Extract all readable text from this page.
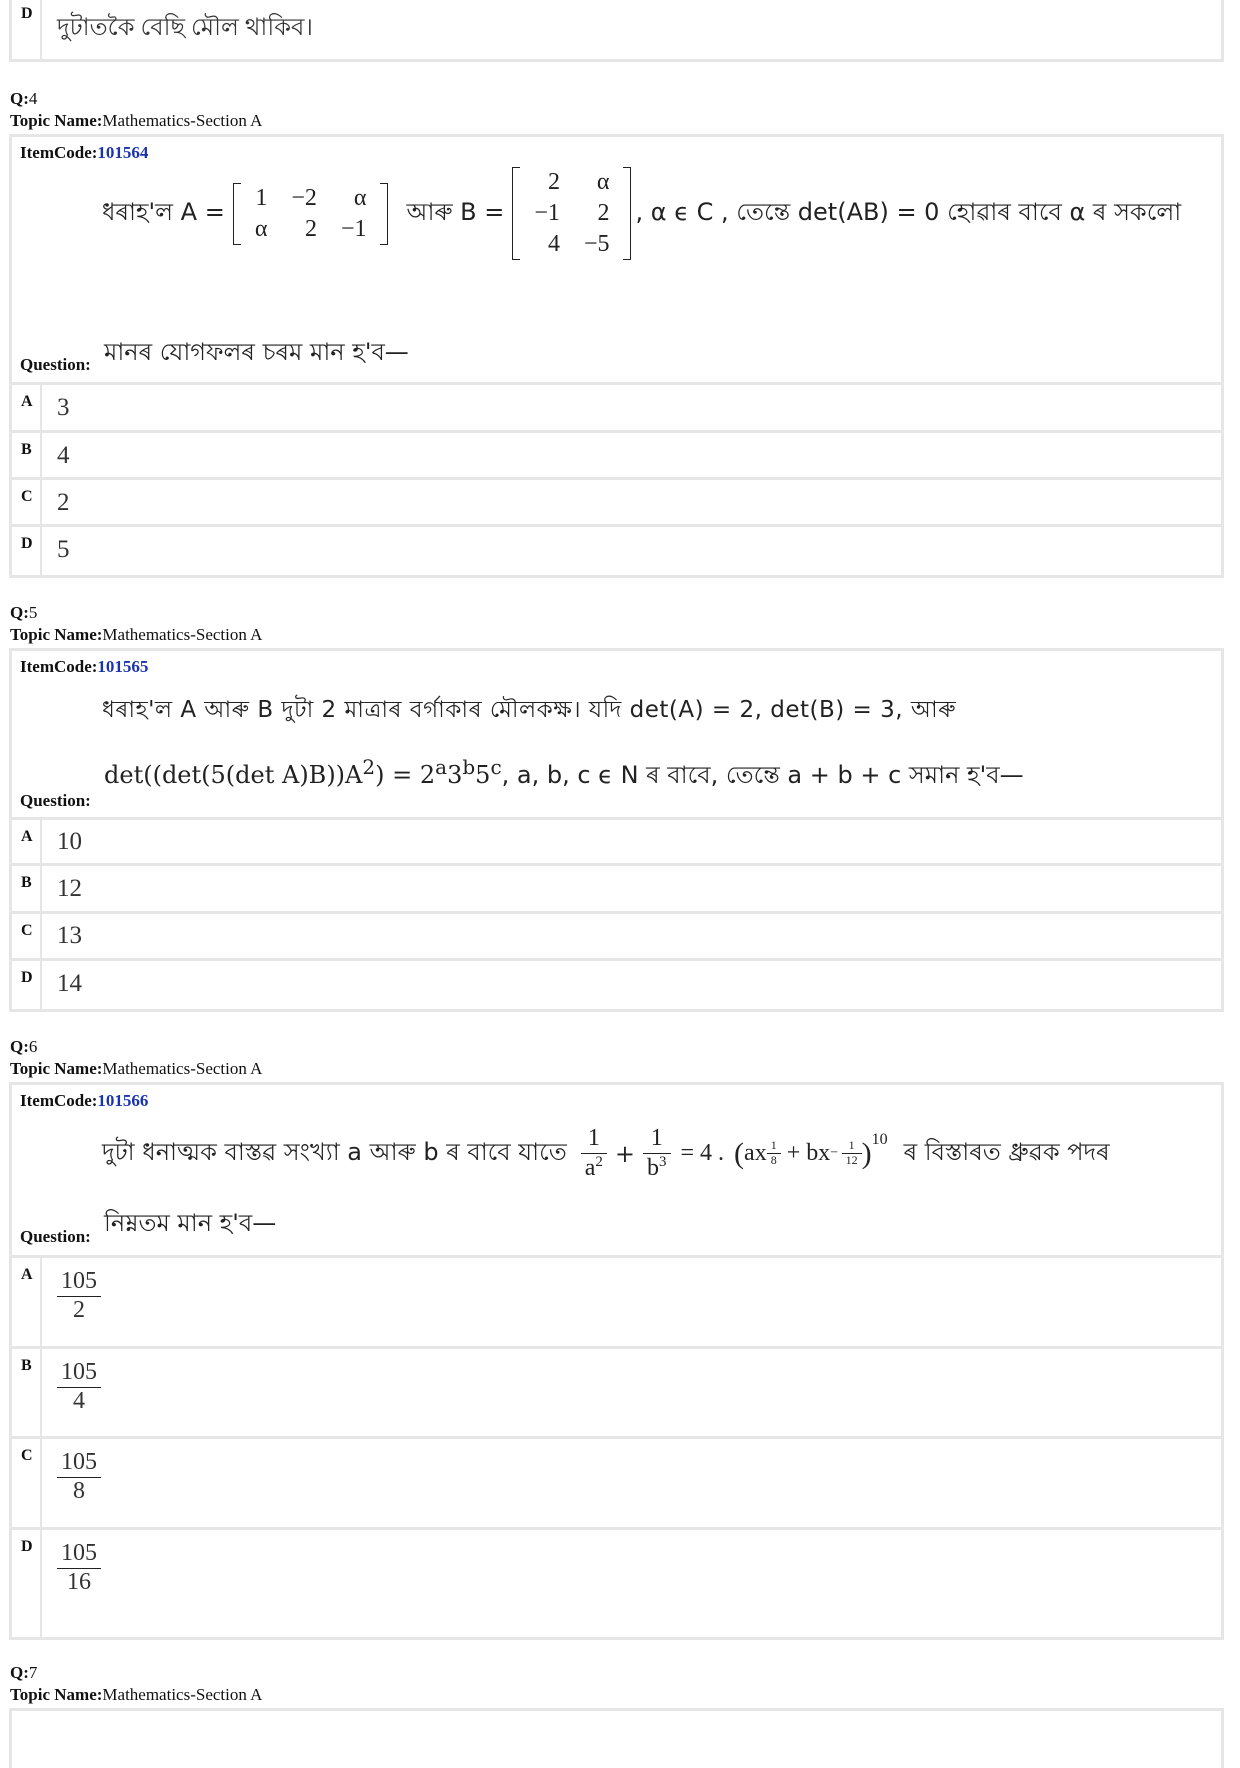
D
দুটাতকৈ বেছি মৌল থাকিব।
Q:4
Topic Name:Mathematics-Section A
ItemCode:101564
ধৰাহ'ল A = 1	−2	α
α	2	−1
আৰু B =
2	α
−1	2
4	−5
, α ϵ C , তেন্তে det(AB) = 0 হোৱাৰ বাবে α ৰ সকলো
Question: মানৰ যোগফলৰ চৰম মান হ'ব—
A 3
B	4
C 2
D 5
Q:5
Topic Name:Mathematics-Section A
ItemCode:101565
ধৰাহ'ল A আৰু B দুটা 2 মাত্ৰাৰ বৰ্গাকাৰ মৌলকক্ষ। যদি det(A) = 2, det(B) = 3, আৰু
det((det(5(det $A)B))A^2) = 2^a3^b5^c$, a, b, c ϵ N ৰ বাবে, তেন্তে a + b + c সমান হ'ব—
Question:
A 10
B	12
C 13
D 14
Q:6
Topic Name:Mathematics-Section A
ItemCode:101566
দুটা ধনাত্মক বাস্তৱ সংখ্যা a আৰু b ৰ বাবে যাতে $\frac{1}{a^2} + \frac{1}{b^3} = 4$ . ( ax $\frac{1}{8}$ + bx − $\frac{1}{12} )^{10}$ ৰ বিস্তাৰত ধ্ৰুৱক পদৰ
Question: নিম্নতম মান হ'ব—
A	$\frac{105}{2}$
B	$\frac{105}{4}$
C	$\frac{105}{8}$
D	$\frac{105}{16}$
Q:7
Topic Name:Mathematics-Section A
